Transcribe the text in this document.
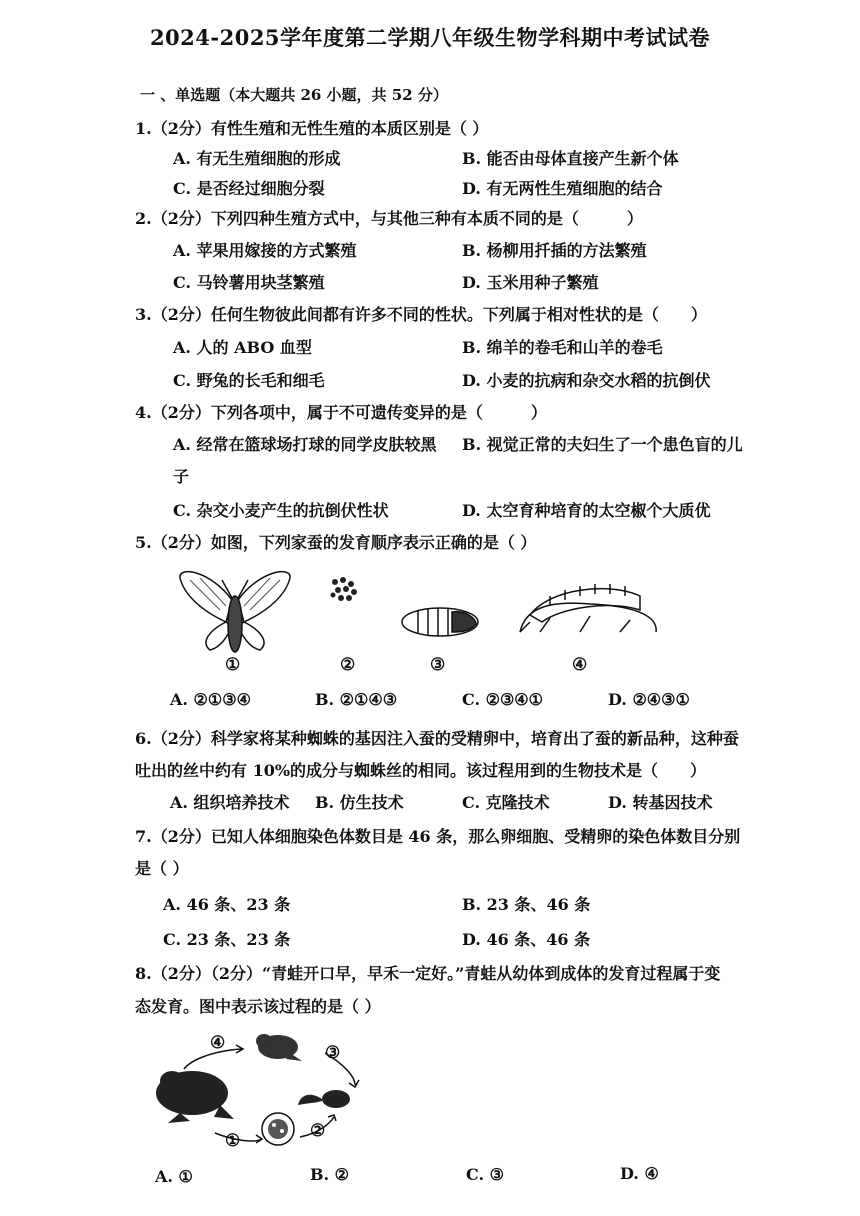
2024-2025学年度第二学期八年级生物学科期中考试试卷
一 、单选题（本大题共 26 小题，共 52 分）
1.（2分）有性生殖和无性生殖的本质区别是（ ）
A. 有无生殖细胞的形成	B. 能否由母体直接产生新个体
C. 是否经过细胞分裂	D. 有无两性生殖细胞的结合
2.（2分）下列四种生殖方式中，与其他三种有本质不同的是（　　　）
A. 苹果用嫁接的方式繁殖	B. 杨柳用扦插的方法繁殖
C. 马铃薯用块茎繁殖	D. 玉米用种子繁殖
3.（2分）任何生物彼此间都有许多不同的性状。下列属于相对性状的是（　　）
A. 人的 ABO 血型	B. 绵羊的卷毛和山羊的卷毛
C. 野兔的长毛和细毛	D. 小麦的抗病和杂交水稻的抗倒伏
4.（2分）下列各项中，属于不可遗传变异的是（　　　）
A. 经常在篮球场打球的同学皮肤较黑 B. 视觉正常的夫妇生了一个患色盲的儿
子
C. 杂交小麦产生的抗倒伏性状	D. 太空育种培育的太空椒个大质优
5.（2分）如图，下列家蚕的发育顺序表示正确的是（ ）
①	②	③	④
A. ②①③④	B. ②①④③	C. ②③④①	D. ②④③①
6.（2分）科学家将某种蜘蛛的基因注入蚕的受精卵中，培育出了蚕的新品种，这种蚕
吐出的丝中约有 10%的成分与蜘蛛丝的相同。该过程用到的生物技术是（　　）
A. 组织培养技术 B. 仿生技术	C. 克隆技术	D. 转基因技术
7.（2分）已知人体细胞染色体数目是 46 条，那么卵细胞、受精卵的染色体数目分别
是（ ）
A. 46 条、23 条	B. 23 条、46 条
C. 23 条、23 条	D. 46 条、46 条
8.（2分）（2分）“青蛙开口早，早禾一定好。”青蛙从幼体到成体的发育过程属于变
态发育。图中表示该过程的是（ ）
④	③
①	②
A. ①	B. ②	C. ③	D. ④
